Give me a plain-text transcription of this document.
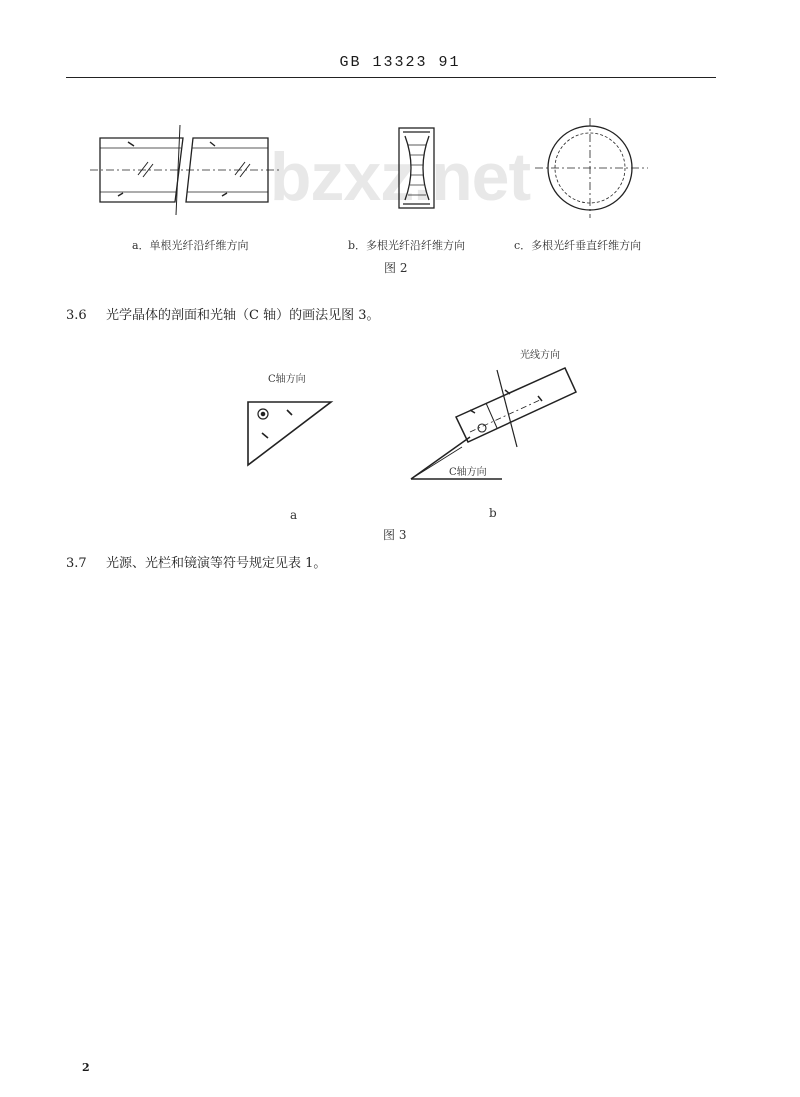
GB 13323 91
bzxz.net
a．单根光纤沿纤维方向	b．多根光纤沿纤维方向	c．多根光纤垂直纤维方向
图 2
3.6 光学晶体的剖面和光轴（C 轴）的画法见图 3。
C轴方向
光线方向
C轴方向
a	b
图 3
3.7 光源、光栏和镜演等符号规定见表 1。
2
